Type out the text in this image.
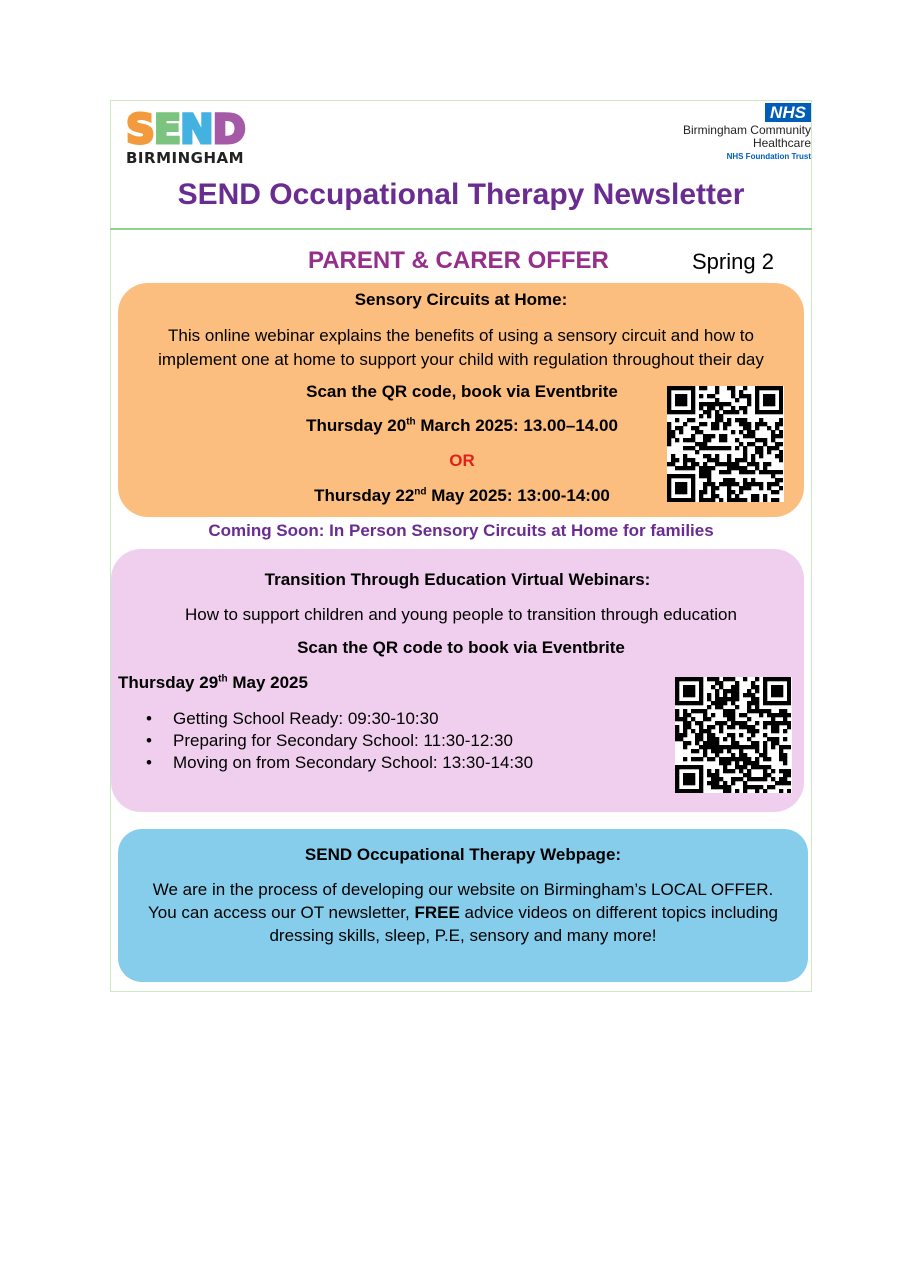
SEND
BIRMINGHAM
NHS
Birmingham Community
Healthcare
NHS Foundation Trust
SEND Occupational Therapy Newsletter
PARENT & CARER OFFER	Spring 2
Sensory Circuits at Home:
This online webinar explains the benefits of using a sensory circuit and how to
implement one at home to support your child with regulation throughout their day
Scan the QR code, book via Eventbrite
Thursday 20th March 2025: 13.00–14.00
OR
Thursday 22nd May 2025: 13:00-14:00
Coming Soon: In Person Sensory Circuits at Home for families
Transition Through Education Virtual Webinars:
How to support children and young people to transition through education
Scan the QR code to book via Eventbrite
Thursday 29th May 2025
• Getting School Ready: 09:30-10:30
• Preparing for Secondary School: 11:30-12:30
• Moving on from Secondary School: 13:30-14:30
SEND Occupational Therapy Webpage:
We are in the process of developing our website on Birmingham’s LOCAL OFFER.
You can access our OT newsletter, FREE advice videos on different topics including
dressing skills, sleep, P.E, sensory and many more!
